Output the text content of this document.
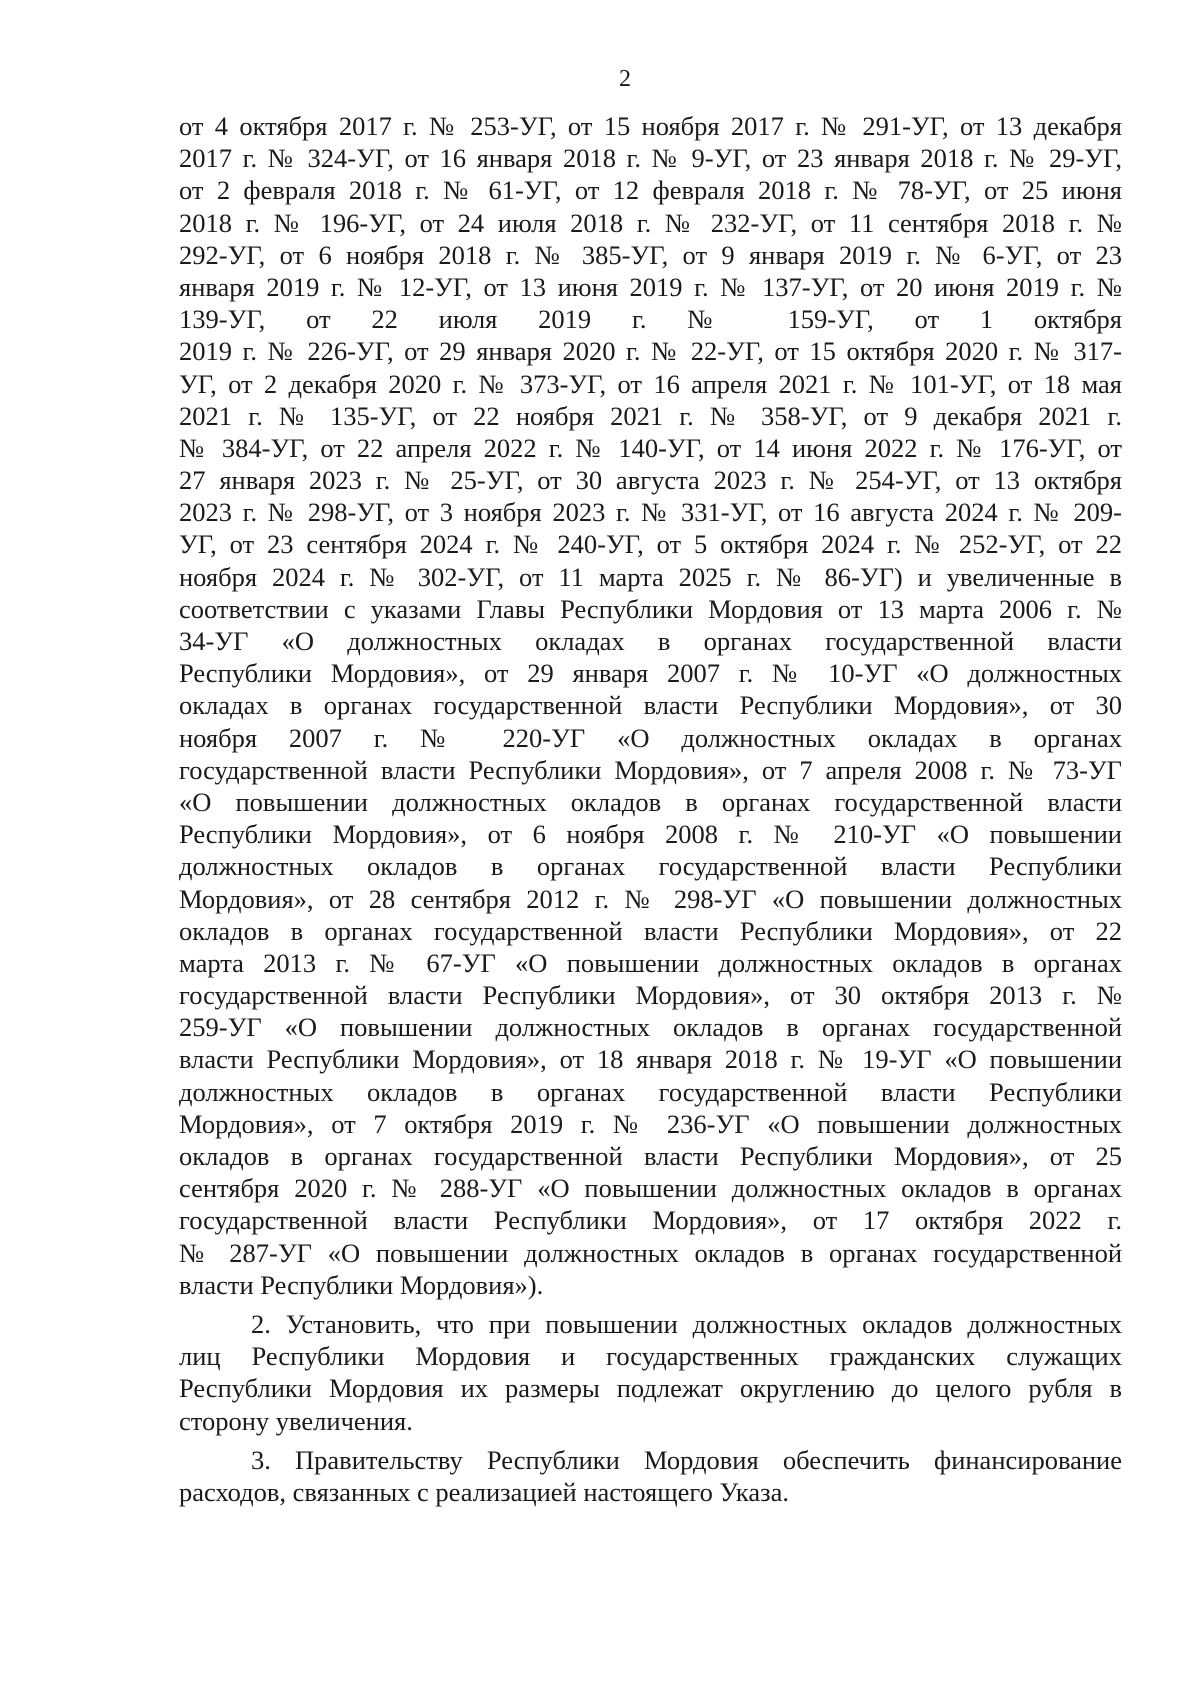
2
от 4 октября 2017 г. № 253-УГ, от 15 ноября 2017 г. № 291-УГ, от 13 декабря
2017 г. № 324-УГ, от 16 января 2018 г. № 9-УГ, от 23 января 2018 г. № 29-УГ,
от 2 февраля 2018 г. № 61-УГ, от 12 февраля 2018 г. № 78-УГ, от 25 июня
2018 г. № 196-УГ, от 24 июля 2018 г. № 232-УГ, от 11 сентября 2018 г. №
292-УГ, от 6 ноября 2018 г. № 385-УГ, от 9 января 2019 г. № 6-УГ, от 23
января 2019 г. № 12-УГ, от 13 июня 2019 г. № 137-УГ, от 20 июня 2019 г. №
139-УГ, от 22 июля 2019 г. № 159-УГ, от 1 октября
2019 г. № 226-УГ, от 29 января 2020 г. № 22-УГ, от 15 октября 2020 г. № 317-
УГ, от 2 декабря 2020 г. № 373-УГ, от 16 апреля 2021 г. № 101-УГ, от 18 мая
2021 г. № 135-УГ, от 22 ноября 2021 г. № 358-УГ, от 9 декабря 2021 г.
№ 384-УГ, от 22 апреля 2022 г. № 140-УГ, от 14 июня 2022 г. № 176-УГ, от
27 января 2023 г. № 25-УГ, от 30 августа 2023 г. № 254-УГ, от 13 октября
2023 г. № 298-УГ, от 3 ноября 2023 г. № 331-УГ, от 16 августа 2024 г. № 209-
УГ, от 23 сентября 2024 г. № 240-УГ, от 5 октября 2024 г. № 252-УГ, от 22
ноября 2024 г. № 302-УГ, от 11 марта 2025 г. № 86-УГ) и увеличенные в
соответствии с указами Главы Республики Мордовия от 13 марта 2006 г. №
34-УГ «О должностных окладах в органах государственной власти
Республики Мордовия», от 29 января 2007 г. № 10-УГ «О должностных
окладах в органах государственной власти Республики Мордовия», от 30
ноября 2007 г. № 220-УГ «О должностных окладах в органах
государственной власти Республики Мордовия», от 7 апреля 2008 г. № 73-УГ
«О повышении должностных окладов в органах государственной власти
Республики Мордовия», от 6 ноября 2008 г. № 210-УГ «О повышении
должностных окладов в органах государственной власти Республики
Мордовия», от 28 сентября 2012 г. № 298-УГ «О повышении должностных
окладов в органах государственной власти Республики Мордовия», от 22
марта 2013 г. № 67-УГ «О повышении должностных окладов в органах
государственной власти Республики Мордовия», от 30 октября 2013 г. №
259-УГ «О повышении должностных окладов в органах государственной
власти Республики Мордовия», от 18 января 2018 г. № 19-УГ «О повышении
должностных окладов в органах государственной власти Республики
Мордовия», от 7 октября 2019 г. № 236-УГ «О повышении должностных
окладов в органах государственной власти Республики Мордовия», от 25
сентября 2020 г. № 288-УГ «О повышении должностных окладов в органах
государственной власти Республики Мордовия», от 17 октября 2022 г.
№ 287-УГ «О повышении должностных окладов в органах государственной
власти Республики Мордовия»).
2. Установить, что при повышении должностных окладов должностных
лиц Республики Мордовия и государственных гражданских служащих
Республики Мордовия их размеры подлежат округлению до целого рубля в
сторону увеличения.
3. Правительству Республики Мордовия обеспечить финансирование
расходов, связанных с реализацией настоящего Указа.
